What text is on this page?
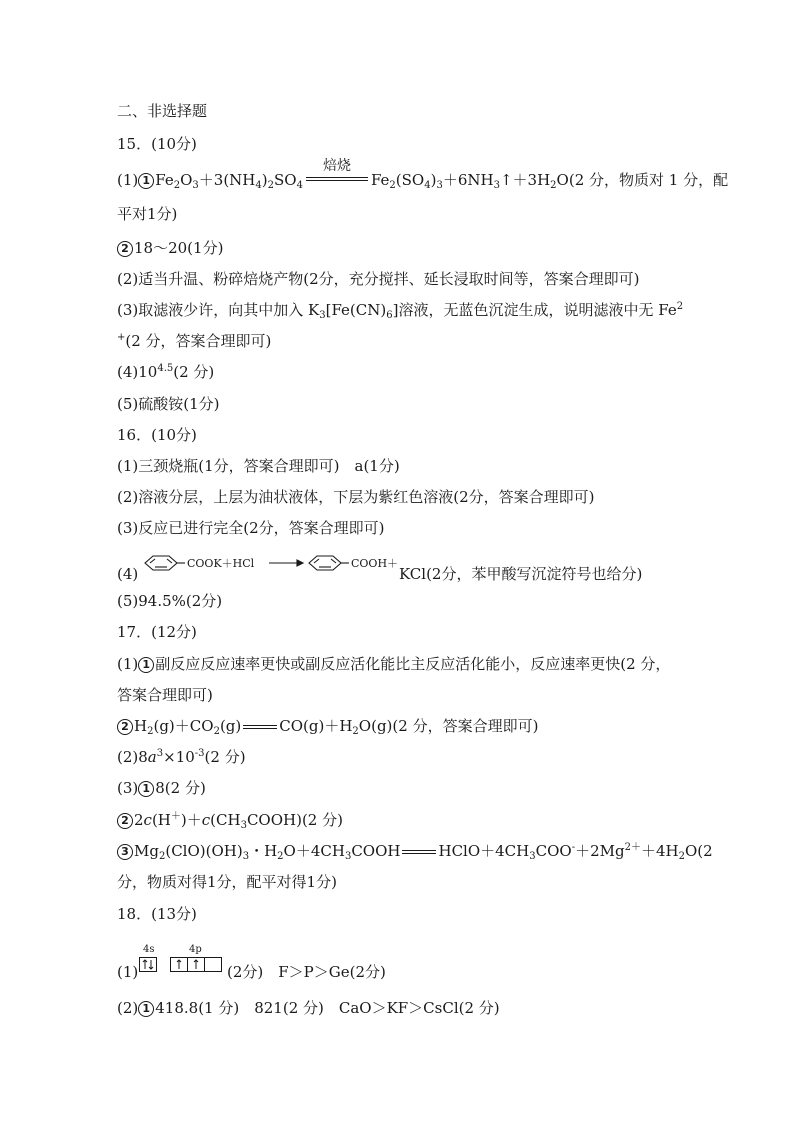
二、非选择题
15．(10分)
(1) 1 $Fe_2O_3+3(NH_4)_2SO_4$
焙烧
$Fe_2(SO_4)_3+6NH_3↑+3H_2O(2$ 分，物质对 1 分，配
平对1分)
2 18～20(1分)
(2)适当升温、粉碎焙烧产物(2分，充分搅拌、延长浸取时间等，答案合理即可)
(3)取滤液少许，向其中加入 $K_3[Fe(CN)_6]$溶液，无蓝色沉淀生成，说明滤液中无 Fe$^2$
+(2 分，答案合理即可)
$(4)10^{4.5}(2$ 分)
(5)硫酸铵(1分)
16．(10分)
(1)三颈烧瓶(1分，答案合理即可)　a(1分)
(2)溶液分层，上层为油状液体，下层为紫红色溶液(2分，答案合理即可)
(3)反应已进行完全(2分，答案合理即可)
(4)
COOK＋HCl	COOH＋
KCl(2分，苯甲酸写沉淀符号也给分)
(5)94.5%(2分)
17．(12分)
(1) 1 副反应反应速率更快或副反应活化能比主反应活化能小，反应速率更快(2 分，
答案合理即可)
2 $H_2(g)+CO_2(g)$	$CO(g)+H_2O(g)(2$ 分，答案合理即可)
$(2)8a^3\times 10^{-3}(2$ 分)
(3) 1 8(2 分)
2 $2c(H^+)+c(CH_3COOH)(2$ 分)
3 $Mg_2(ClO)(OH)_3$・$H_2O+4CH_3COOH$	$HClO+4CH_3COO^-+2Mg^{2+}+4H_2O(2$
分，物质对得1分，配平对得1分)
18．(13分)
(1)
4s	4p
(2分)　F＞P＞Ge(2分)
(2) 1 418.8(1 分)　821(2 分)　CaO＞KF＞CsCl(2 分)
